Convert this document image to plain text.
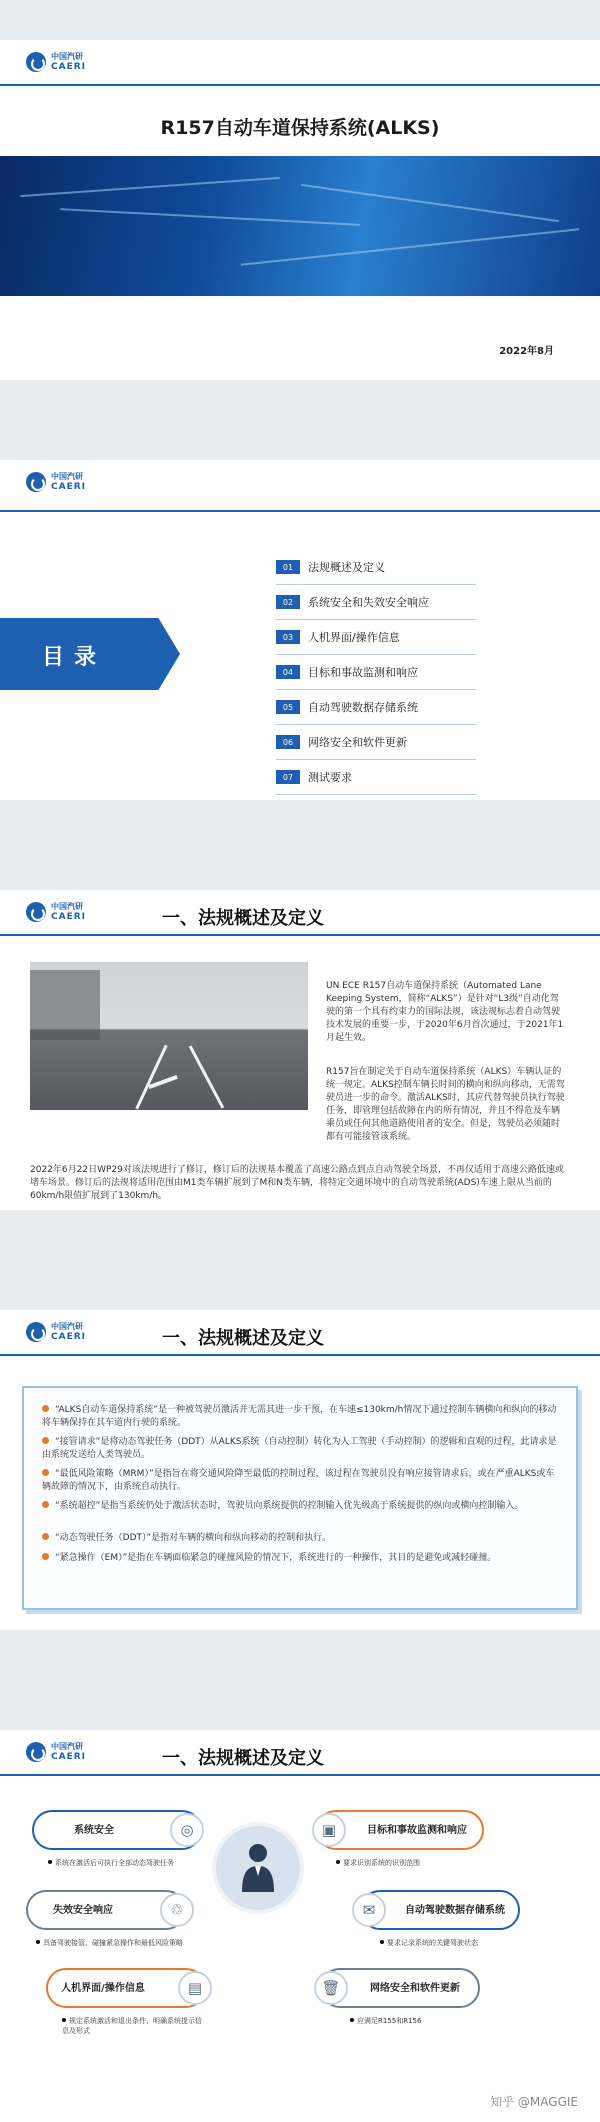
中国汽研
CAERI
R157自动车道保持系统(ALKS)
2022年8月
中国汽研
CAERI
目录
01	法规概述及定义
02	系统安全和失效安全响应
03	人机界面/操作信息
04	目标和事故监测和响应
05	自动驾驶数据存储系统
06	网络安全和软件更新
07	测试要求
中国汽研
CAERI	一、法规概述及定义
UN ECE R157自动车道保持系统（Automated Lane Keeping System，简称“ALKS”）是针对“L3级”自动化驾驶的第一个具有约束力的国际法规，该法规标志着自动驾驶技术发展的重要一步，于2020年6月首次通过，于2021年1月起生效。
R157旨在制定关于自动车道保持系统（ALKS）车辆认证的统一规定。ALKS控制车辆长时间的横向和纵向移动，无需驾驶员进一步的命令。激活ALKS时，其应代替驾驶员执行驾驶任务，即管理包括故障在内的所有情况，并且不得危及车辆乘员或任何其他道路使用者的安全。但是，驾驶员必须随时都有可能接管该系统。
2022年6月22日WP29对该法规进行了修订，修订后的法规基本覆盖了高速公路点到点自动驾驶全场景，不再仅适用于高速公路低速或堵车场景。修订后的法规将适用范围由M1类车辆扩展到了M和N类车辆，将特定交通环境中的自动驾驶系统(ADS)车速上限从当前的60km/h限值扩展到了130km/h。
中国汽研
CAERI	一、法规概述及定义
“ALKS自动车道保持系统”是一种被驾驶员激活并无需其进一步干预，在车速≤130km/h情况下通过控制车辆横向和纵向的移动将车辆保持在其车道内行驶的系统。
“接管请求”是将动态驾驶任务（DDT）从ALKS系统（自动控制）转化为人工驾驶（手动控制）的逻辑和直观的过程，此请求是由系统发送给人类驾驶员。
“最低风险策略（MRM）”是指旨在将交通风险降至最低的控制过程，该过程在驾驶员没有响应接管请求后，或在严重ALKS或车辆故障的情况下，由系统自动执行。
“系统超控”是指当系统仍处于激活状态时，驾驶员向系统提供的控制输入优先级高于系统提供的纵向或横向控制输入。
“动态驾驶任务（DDT）”是指对车辆的横向和纵向移动的控制和执行。
“紧急操作（EM）”是指在车辆面临紧急的碰撞风险的情况下，系统进行的一种操作，其目的是避免或减轻碰撞。
中国汽研
CAERI	一、法规概述及定义
系统安全	◎
系统在激活后可执行全部动态驾驶任务
失效安全响应	♲
具备驾驶接管、碰撞紧急操作和最低风险策略
人机界面/操作信息	▤
规定系统激活和退出条件、明确系统提示信息及形式
▣	目标和事故监测和响应
要求识别系统的识别范围
✉	自动驾驶数据存储系统
要求记录系统的关键驾驶状态
🗑	网络安全和软件更新
应满足R155和R156
知乎 @MAGGIE
